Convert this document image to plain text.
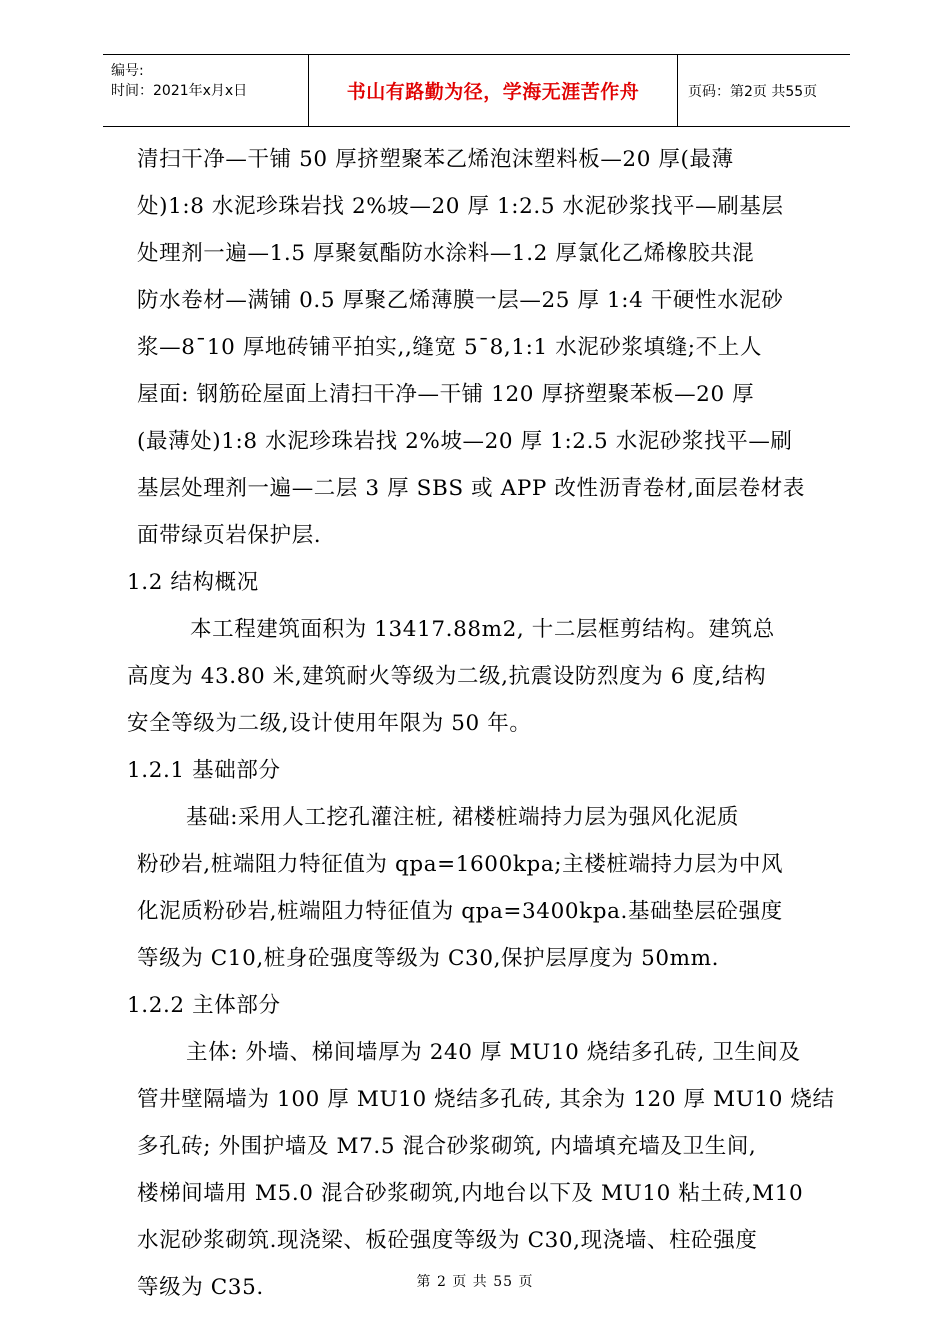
编号:
时间：2021年x月x日	书山有路勤为径，学海无涯苦作舟	页码：第2页 共55页
清扫干净—干铺 50 厚挤塑聚苯乙烯泡沫塑料板—20 厚(最薄
处)1:8 水泥珍珠岩找 2%坡—20 厚 1:2.5 水泥砂浆找平—刷基层
处理剂一遍—1.5 厚聚氨酯防水涂料—1.2 厚氯化乙烯橡胶共混
防水卷材—满铺 0.5 厚聚乙烯薄膜一层—25 厚 1:4 干硬性水泥砂
浆—8¯10 厚地砖铺平拍实,,缝宽 5¯8,1:1 水泥砂浆填缝;不上人
屋面: 钢筋砼屋面上清扫干净—干铺 120 厚挤塑聚苯板—20 厚
(最薄处)1:8 水泥珍珠岩找 2%坡—20 厚 1:2.5 水泥砂浆找平—刷
基层处理剂一遍—二层 3 厚 SBS 或 APP 改性沥青卷材,面层卷材表
面带绿页岩保护层.
1.2 结构概况
本工程建筑面积为 13417.88m2, 十二层框剪结构。建筑总
高度为 43.80 米,建筑耐火等级为二级,抗震设防烈度为 6 度,结构
安全等级为二级,设计使用年限为 50 年。
1.2.1 基础部分
基础:采用人工挖孔灌注桩, 裙楼桩端持力层为强风化泥质
粉砂岩,桩端阻力特征值为 qpa=1600kpa;主楼桩端持力层为中风
化泥质粉砂岩,桩端阻力特征值为 qpa=3400kpa.基础垫层砼强度
等级为 C10,桩身砼强度等级为 C30,保护层厚度为 50mm.
1.2.2 主体部分
主体: 外墙、梯间墙厚为 240 厚 MU10 烧结多孔砖, 卫生间及
管井壁隔墙为 100 厚 MU10 烧结多孔砖, 其余为 120 厚 MU10 烧结
多孔砖; 外围护墙及 M7.5 混合砂浆砌筑, 内墙填充墙及卫生间,
楼梯间墙用 M5.0 混合砂浆砌筑,内地台以下及 MU10 粘土砖,M10
水泥砂浆砌筑.现浇梁、板砼强度等级为 C30,现浇墙、柱砼强度
等级为 C35.	第 2 页 共 55 页
